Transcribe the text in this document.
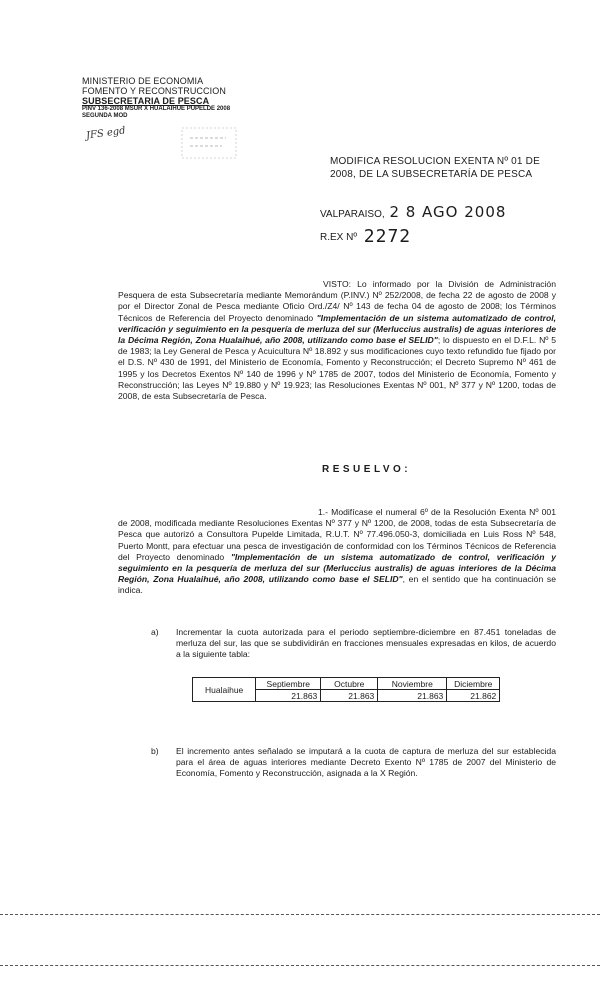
MINISTERIO DE ECONOMIA
FOMENTO Y RECONSTRUCCION
SUBSECRETARIA DE PESCA
PINV 136-2008 MSUR X HUALAIHUE PUPELDE 2008
SEGUNDA MOD
JFS egd
MODIFICA RESOLUCION EXENTA Nº 01 DE 2008, DE LA SUBSECRETARÍA DE PESCA
VALPARAISO, 2 8 AGO 2008
R.EX Nº 2272
VISTO: Lo informado por la División de Administración Pesquera de esta Subsecretaría mediante Memorándum (P.INV.) Nº 252/2008, de fecha 22 de agosto de 2008 y por el Director Zonal de Pesca mediante Oficio Ord./Z4/ Nº 143 de fecha 04 de agosto de 2008; los Términos Técnicos de Referencia del Proyecto denominado "Implementación de un sistema automatizado de control, verificación y seguimiento en la pesquería de merluza del sur (Merluccius australis) de aguas interiores de la Décima Región, Zona Hualaihué, año 2008, utilizando como base el SELID"; lo dispuesto en el D.F.L. Nº 5 de 1983; la Ley General de Pesca y Acuicultura Nº 18.892 y sus modificaciones cuyo texto refundido fue fijado por el D.S. Nº 430 de 1991, del Ministerio de Economía, Fomento y Reconstrucción; el Decreto Supremo Nº 461 de 1995 y los Decretos Exentos Nº 140 de 1996 y Nº 1785 de 2007, todos del Ministerio de Economía, Fomento y Reconstrucción; las Leyes Nº 19.880 y Nº 19.923; las Resoluciones Exentas Nº 001, Nº 377 y Nº 1200, todas de 2008, de esta Subsecretaría de Pesca.
RESUELVO:
1.- Modifícase el numeral 6º de la Resolución Exenta Nº 001 de 2008, modificada mediante Resoluciones Exentas Nº 377 y Nº 1200, de 2008, todas de esta Subsecretaría de Pesca que autorizó a Consultora Pupelde Limitada, R.U.T. Nº 77.496.050-3, domiciliada en Luis Ross Nº 548, Puerto Montt, para efectuar una pesca de investigación de conformidad con los Términos Técnicos de Referencia del Proyecto denominado "Implementación de un sistema automatizado de control, verificación y seguimiento en la pesquería de merluza del sur (Merluccius australis) de aguas interiores de la Décima Región, Zona Hualaihué, año 2008, utilizando como base el SELID", en el sentido que ha continuación se indica.
a) Incrementar la cuota autorizada para el periodo septiembre-diciembre en 87.451 toneladas de merluza del sur, las que se subdividirán en fracciones mensuales expresadas en kilos, de acuerdo a la siguiente tabla:
Hualaihue	Septiembre	Octubre	Noviembre	Diciembre
	21.863	21.863	21.863	21.862
b) El incremento antes señalado se imputará a la cuota de captura de merluza del sur establecida para el área de aguas interiores mediante Decreto Exento Nº 1785 de 2007 del Ministerio de Economía, Fomento y Reconstrucción, asignada a la X Región.
